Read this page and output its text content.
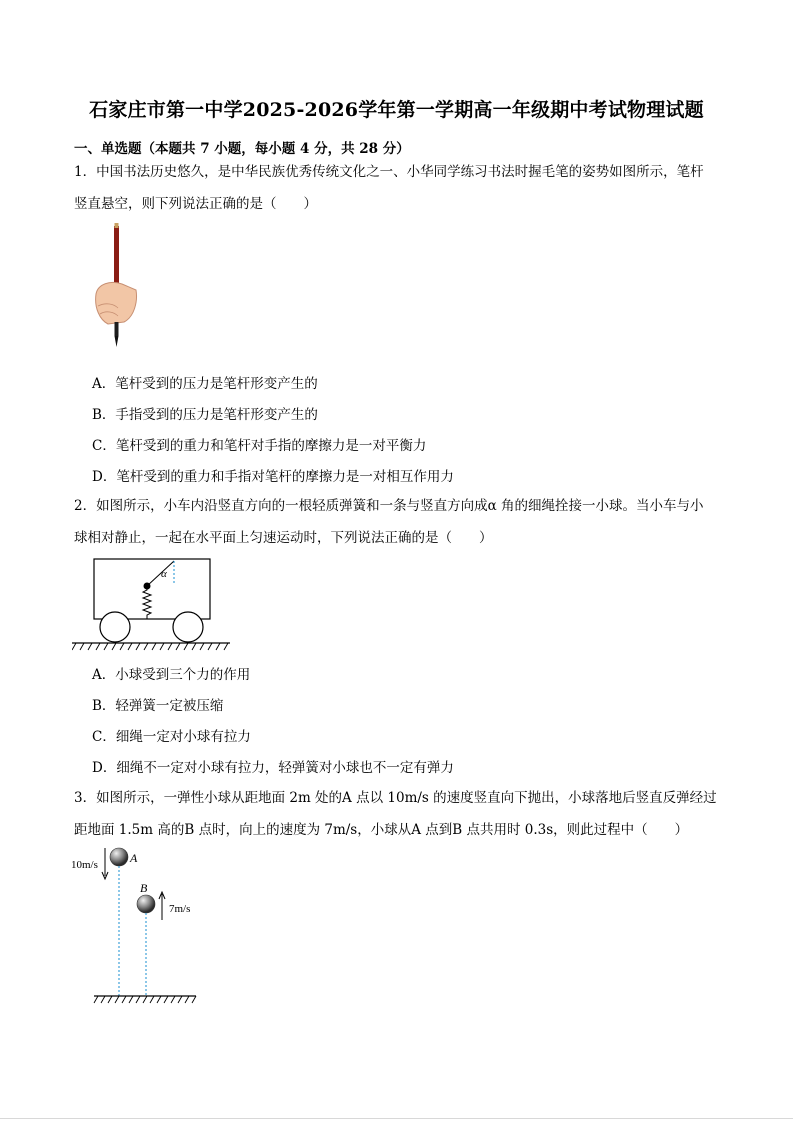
石家庄市第一中学2025-2026学年第一学期高一年级期中考试物理试题
一、单选题（本题共 7 小题，每小题 4 分，共 28 分）
1．中国书法历史悠久，是中华民族优秀传统文化之一、小华同学练习书法时握毛笔的姿势如图所示，笔杆
竖直悬空，则下列说法正确的是（　　）
A．笔杆受到的压力是笔杆形变产生的
B．手指受到的压力是笔杆形变产生的
C．笔杆受到的重力和笔杆对手指的摩擦力是一对平衡力
D．笔杆受到的重力和手指对笔杆的摩擦力是一对相互作用力
2．如图所示，小车内沿竖直方向的一根轻质弹簧和一条与竖直方向成α 角的细绳拴接一小球。当小车与小
球相对静止，一起在水平面上匀速运动时，下列说法正确的是（　　）
α
A．小球受到三个力的作用
B．轻弹簧一定被压缩
C．细绳一定对小球有拉力
D．细绳不一定对小球有拉力，轻弹簧对小球也不一定有弹力
3．如图所示，一弹性小球从距地面 2m 处的A 点以 10m/s 的速度竖直向下抛出，小球落地后竖直反弹经过
距地面 1.5m 高的B 点时，向上的速度为 7m/s，小球从A 点到B 点共用时 0.3s，则此过程中（　　）
10m/s	A
B
7m/s
